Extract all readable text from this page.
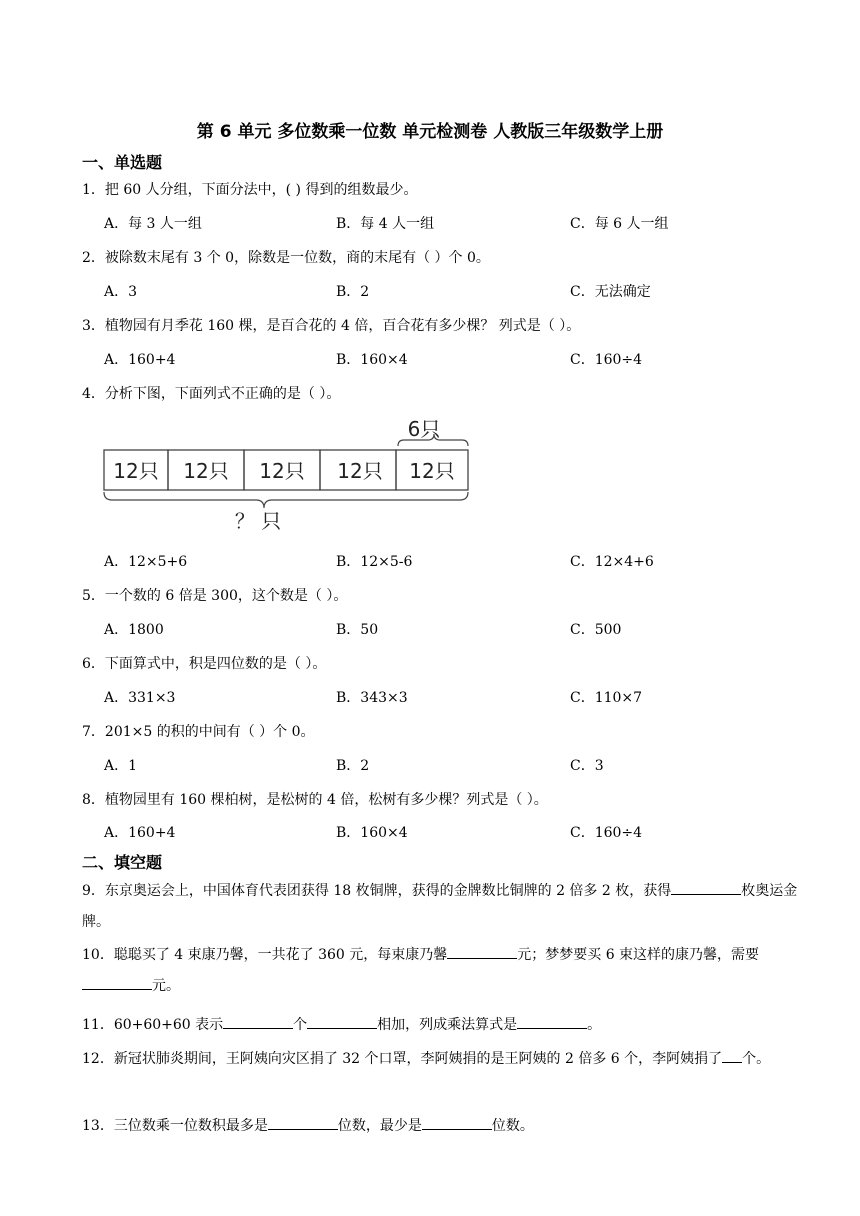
第 6 单元 多位数乘一位数 单元检测卷 人教版三年级数学上册
一、单选题
1．把 60 人分组，下面分法中，( ) 得到的组数最少。
A．每 3 人一组	B．每 4 人一组	C．每 6 人一组
2．被除数末尾有 3 个 0，除数是一位数，商的末尾有（ ）个 0。
A．3	B．2	C．无法确定
3．植物园有月季花 160 棵，是百合花的 4 倍，百合花有多少棵？ 列式是（ ）。
A．160+4	B．160×4	C．160÷4
4．分析下图，下面列式不正确的是（ ）。
6只
12只 12只 12只 12只 12只
？ 只
A．12×5+6	B．12×5-6	C．12×4+6
5．一个数的 6 倍是 300，这个数是（ ）。
A．1800	B．50	C．500
6．下面算式中，积是四位数的是（ ）。
A．331×3	B．343×3	C．110×7
7．201×5 的积的中间有（ ）个 0。
A．1	B．2	C．3
8．植物园里有 160 棵柏树，是松树的 4 倍，松树有多少棵？列式是（ ）。
A．160+4	B．160×4	C．160÷4
二、填空题
9．东京奥运会上，中国体育代表团获得 18 枚铜牌，获得的金牌数比铜牌的 2 倍多 2 枚，获得	枚奥运金牌。
10．聪聪买了 4 束康乃馨，一共花了 360 元，每束康乃馨	元；梦梦要买 6 束这样的康乃馨，需要元。
11．60+60+60 表示	个	相加，列成乘法算式是	。
12．新冠状肺炎期间，王阿姨向灾区捐了 32 个口罩，李阿姨捐的是王阿姨的 2 倍多 6 个，李阿姨捐了 个。
13．三位数乘一位数积最多是	位数，最少是	位数。
